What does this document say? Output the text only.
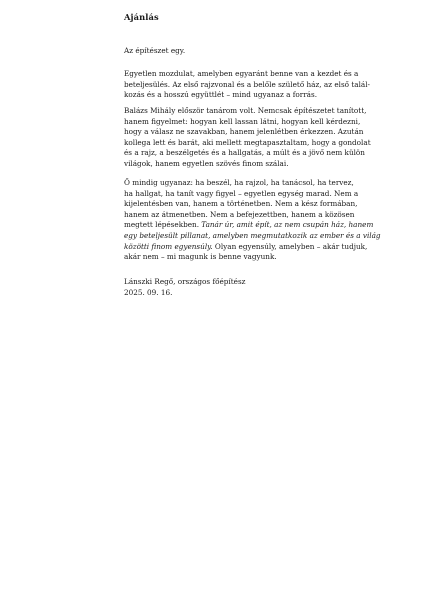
Ajánlás
Az építészet egy.
Egyetlen mozdulat, amelyben egyaránt benne van a kezdet és a
beteljesülés. Az első rajzvonal és a belőle születő ház, az első talál-
kozás és a hosszú együttlét – mind ugyanaz a forrás.
Balázs Mihály először tanárom volt. Nemcsak építészetet tanított,
hanem figyelmet: hogyan kell lassan látni, hogyan kell kérdezni,
hogy a válasz ne szavakban, hanem jelenlétben érkezzen. Azután
kollega lett és barát, aki mellett megtapasztaltam, hogy a gondolat
és a rajz, a beszélgetés és a hallgatás, a múlt és a jövő nem külön
világok, hanem egyetlen szövés finom szálai.
Ő mindig ugyanaz: ha beszél, ha rajzol, ha tanácsol, ha tervez,
ha hallgat, ha tanít vagy figyel – egyetlen egység marad. Nem a
kijelentésben van, hanem a történetben. Nem a kész formában,
hanem az átmenetben. Nem a befejezettben, hanem a közösen
megtett lépésekben. Tanár úr, amit épít, az nem csupán ház, hanem
egy beteljesült pillanat, amelyben megmutatkozik az ember és a világ
közötti finom egyensúly. Olyan egyensúly, amelyben – akár tudjuk,
akár nem – mi magunk is benne vagyunk.
Lánszki Regő, országos főépítész
2025. 09. 16.
